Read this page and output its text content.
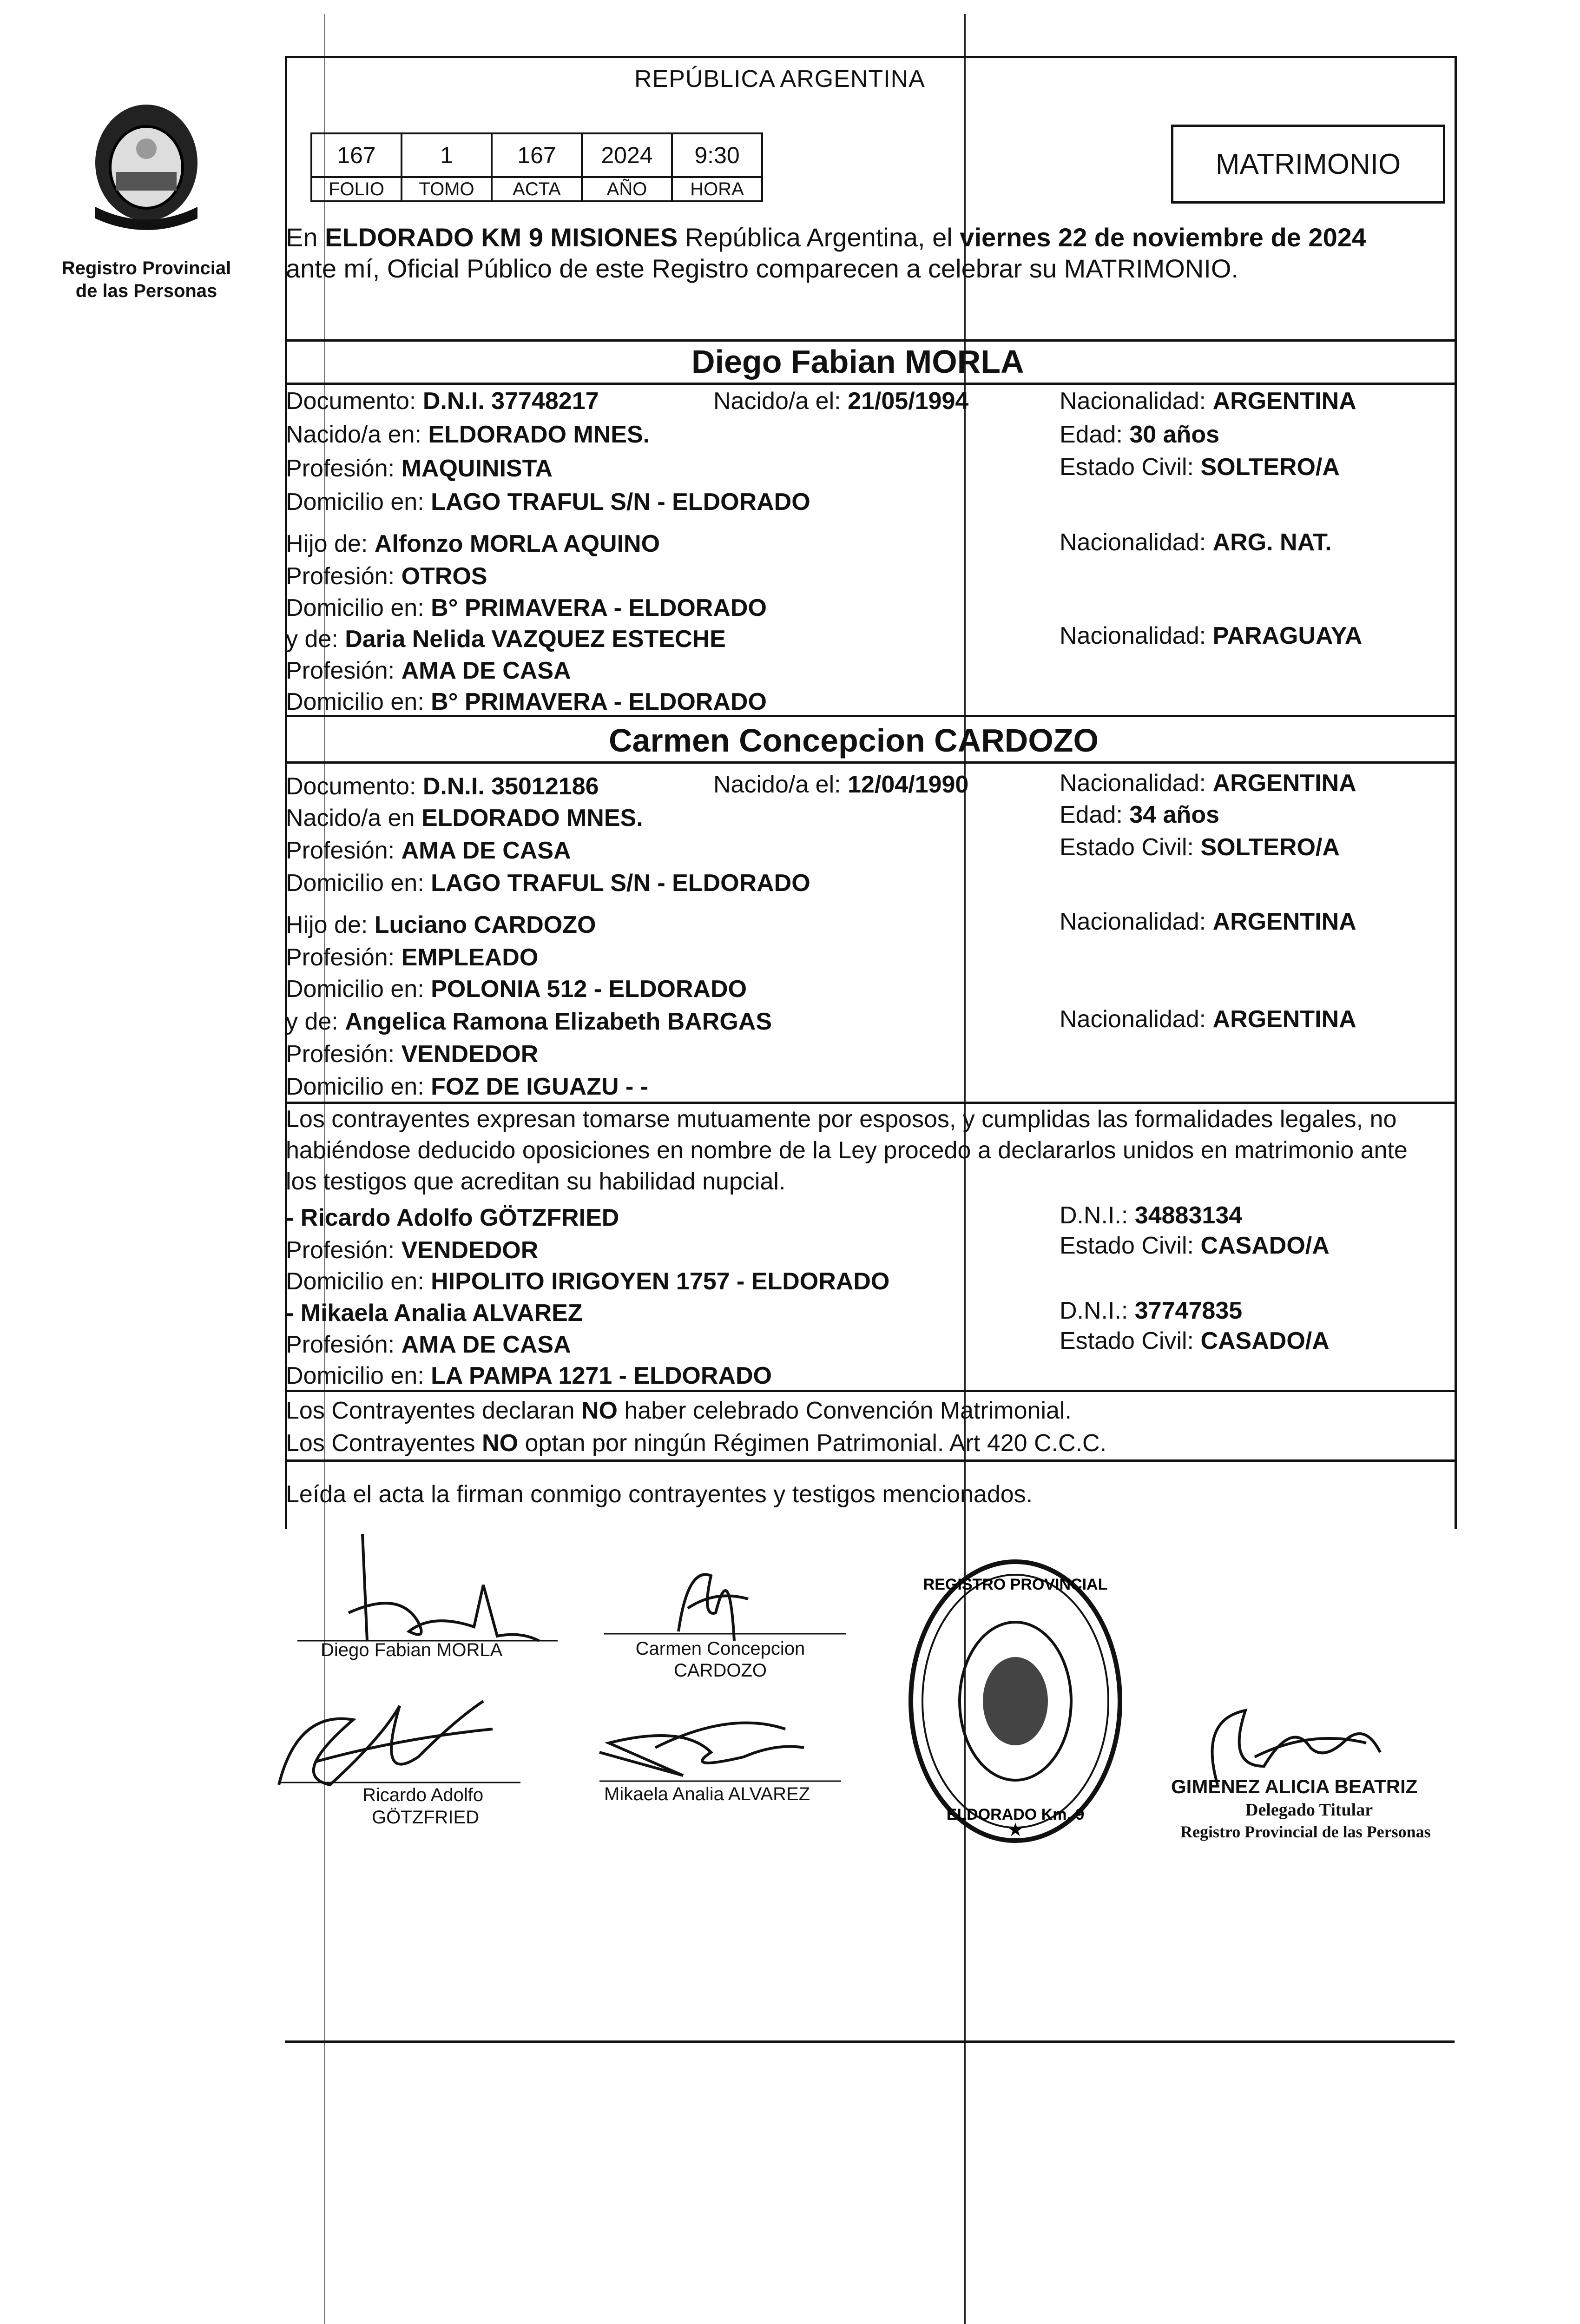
Registro Provincial
de las Personas
REPÚBLICA ARGENTINA
167	1	167	2024	9:30
FOLIO	TOMO	ACTA	AÑO	HORA
MATRIMONIO
En ELDORADO KM 9 MISIONES República Argentina, el viernes 22 de noviembre de 2024
ante mí, Oficial Público de este Registro comparecen a celebrar su MATRIMONIO.
Diego Fabian MORLA
Documento: D.N.I. 37748217	Nacido/a el: 21/05/1994	Nacionalidad: ARGENTINA
Nacido/a en: ELDORADO MNES.	Edad: 30 años
Profesión: MAQUINISTA	Estado Civil: SOLTERO/A
Domicilio en: LAGO TRAFUL S/N - ELDORADO
Hijo de: Alfonzo MORLA AQUINO	Nacionalidad: ARG. NAT.
Profesión: OTROS
Domicilio en: B° PRIMAVERA - ELDORADO
y de: Daria Nelida VAZQUEZ ESTECHE	Nacionalidad: PARAGUAYA
Profesión: AMA DE CASA
Domicilio en: B° PRIMAVERA - ELDORADO
Carmen Concepcion CARDOZO
Documento: D.N.I. 35012186	Nacido/a el: 12/04/1990	Nacionalidad: ARGENTINA
Nacido/a en ELDORADO MNES.	Edad: 34 años
Profesión: AMA DE CASA	Estado Civil: SOLTERO/A
Domicilio en: LAGO TRAFUL S/N - ELDORADO
Hijo de: Luciano CARDOZO	Nacionalidad: ARGENTINA
Profesión: EMPLEADO
Domicilio en: POLONIA 512 - ELDORADO
y de: Angelica Ramona Elizabeth BARGAS	Nacionalidad: ARGENTINA
Profesión: VENDEDOR
Domicilio en: FOZ DE IGUAZU - -
Los contrayentes expresan tomarse mutuamente por esposos, y cumplidas las formalidades legales, no
habiéndose deducido oposiciones en nombre de la Ley procedo a declararlos unidos en matrimonio ante
los testigos que acreditan su habilidad nupcial.
- Ricardo Adolfo GÖTZFRIED	D.N.I.: 34883134
Profesión: VENDEDOR	Estado Civil: CASADO/A
Domicilio en: HIPOLITO IRIGOYEN 1757 - ELDORADO
- Mikaela Analia ALVAREZ	D.N.I.: 37747835
Profesión: AMA DE CASA	Estado Civil: CASADO/A
Domicilio en: LA PAMPA 1271 - ELDORADO
Los Contrayentes declaran NO haber celebrado Convención Matrimonial.
Los Contrayentes NO optan por ningún Régimen Patrimonial. Art 420 C.C.C.
Leída el acta la firman conmigo contrayentes y testigos mencionados.
Diego Fabian MORLA	Carmen Concepcion
CARDOZO
Ricardo Adolfo
GÖTZFRIED
Mikaela Analia ALVAREZ
REGISTRO PROVINCIAL
ELDORADO Km. 9
★
GIMENEZ ALICIA BEATRIZ
Delegado Titular
Registro Provincial de las Personas
